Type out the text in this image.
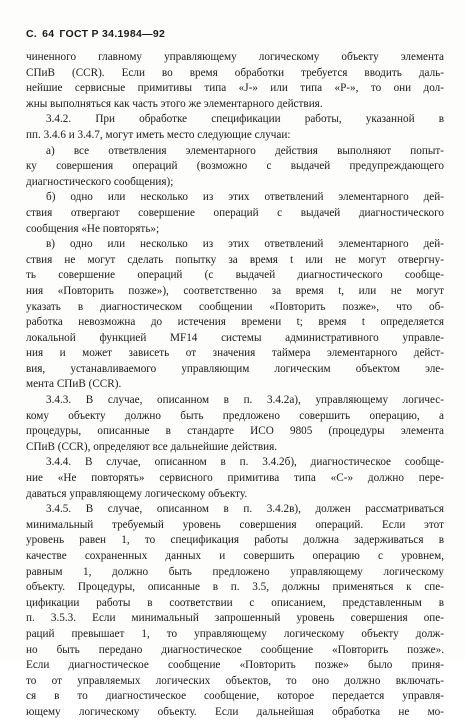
С. 64 ГОСТ Р 34.1984—92
чиненного главному управляющему логическому объекту элемента
СПиВ (CCR). Если во время обработки требуется вводить даль-
нейшие сервисные примитивы типа «J-» или типа «P-», то они дол-
жны выполняться как часть этого же элементарного действия.
3.4.2. При обработке спецификации работы, указанной в
пп. 3.4.6 и 3.4.7, могут иметь место следующие случаи:
а) все ответвления элементарного действия выполняют попыт-
ку совершения операций (возможно с выдачей предупреждающего
диагностического сообщения);
б) одно или несколько из этих ответвлений элементарного дей-
ствия отвергают совершение операций с выдачей диагностического
сообщения «Не повторять»;
в) одно или несколько из этих ответвлений элементарного дей-
ствия не могут сделать попытку за время t или не могут отвергну-
ть совершение операций (с выдачей диагностического сообще-
ния «Повторить позже»), соответственно за время t, или не могут
указать в диагностическом сообщении «Повторить позже», что об-
работка невозможна до истечения времени t; время t определяется
локальной функцией MF14 системы административного управле-
ния и может зависеть от значения таймера элементарного дейст-
вия, устанавливаемого управляющим логическим объектом эле-
мента СПиВ (CCR).
3.4.3. В случае, описанном в п. 3.4.2а), управляющему логичес-
кому объекту должно быть предложено совершить операцию, а
процедуры, описанные в стандарте ИСО 9805 (процедуры элемента
СПиВ (CCR), определяют все дальнейшие действия.
3.4.4. В случае, описанном в п. 3.4.2б), диагностическое сообще-
ние «Не повторять» сервисного примитива типа «С-» должно пере-
даваться управляющему логическому объекту.
3.4.5. В случае, описанном в п. 3.4.2в), должен рассматриваться
минимальный требуемый уровень совершения операций. Если этот
уровень равен 1, то спецификация работы должна задерживаться в
качестве сохраненных данных и совершить операцию с уровнем,
равным 1, должно быть предложено управляющему логическому
объекту. Процедуры, описанные в п. 3.5, должны применяться к спе-
цификации работы в соответствии с описанием, представленным в
п. 3.5.3. Если минимальный запрошенный уровень совершения опе-
раций превышает 1, то управляющему логическому объекту долж-
но быть передано диагностическое сообщение «Повторить позже».
Если диагностическое сообщение «Повторить позже» было приня-
то от управляемых логических объектов, то оно должно включать-
ся в то диагностическое сообщение, которое передается управля-
ющему логическому объекту. Если дальнейшая обработка не мо-
